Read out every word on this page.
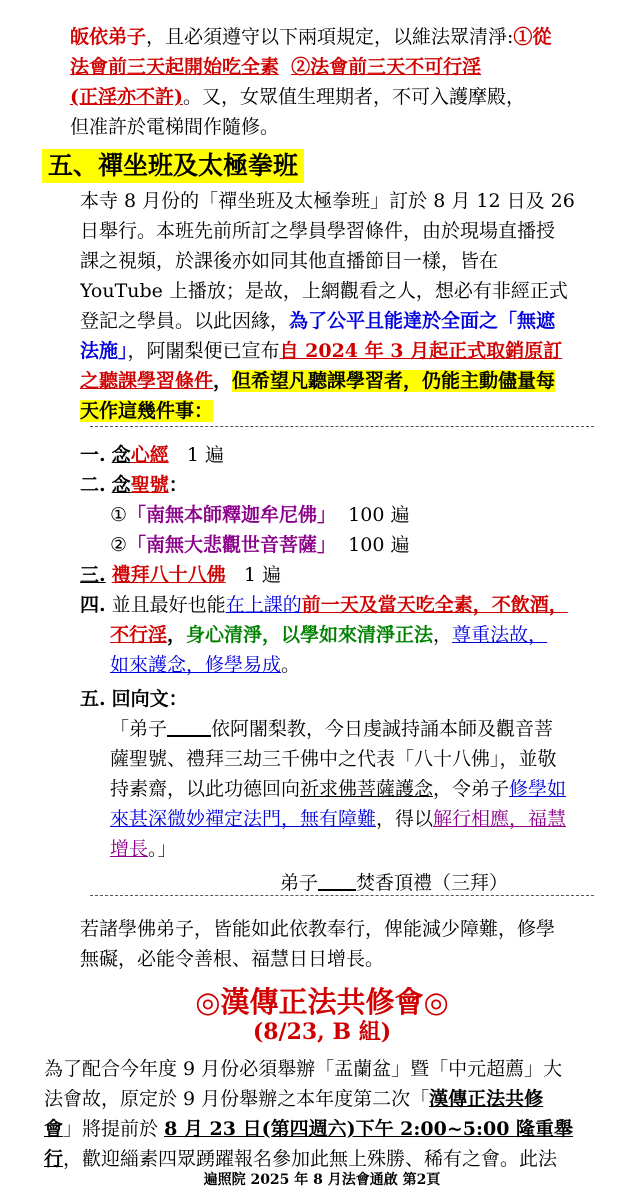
皈依弟子，且必須遵守以下兩項規定，以維法眾清淨:①從
法會前三天起開始吃全素 ②法會前三天不可行淫
(正淫亦不許)。又，女眾值生理期者，不可入護摩殿，
但准許於電梯間作隨修。
五、禪坐班及太極拳班
本寺 8 月份的「禪坐班及太極拳班」訂於 8 月 12 日及 26
日舉行。本班先前所訂之學員學習條件，由於現場直播授
課之視頻，於課後亦如同其他直播節目一樣，皆在
YouTube 上播放；是故，上網觀看之人，想必有非經正式
登記之學員。以此因緣，為了公平且能達於全面之「無遮
法施」，阿闍梨便已宣布自 2024 年 3 月起正式取銷原訂
之聽課學習條件，但希望凡聽課學習者，仍能主動儘量每
天作這幾件事：
一. 念心經 1 遍
二. 念聖號：
①「南無本師釋迦牟尼佛」 100 遍
②「南無大悲觀世音菩薩」 100 遍
三. 禮拜八十八佛 1 遍
四. 並且最好也能在上課的前一天及當天吃全素，不飲酒，
不行淫，身心清淨，以學如來清淨正法，尊重法故，
如來護念，修學易成。
五. 回向文：
「弟子 依阿闍梨教，今日虔誠持誦本師及觀音菩
薩聖號、禮拜三劫三千佛中之代表「八十八佛」，並敬
持素齋，以此功德回向祈求佛菩薩護念，令弟子修學如
來甚深微妙禪定法門，無有障難，得以解行相應，福慧
增長。」
弟子 焚香頂禮（三拜）
若諸學佛弟子，皆能如此依教奉行，俾能減少障難，修學
無礙，必能令善根、福慧日日增長。
◎漢傳正法共修會◎
(8/23, B 組)
為了配合今年度 9 月份必須舉辦「盂蘭盆」暨「中元超薦」大
法會故，原定於 9 月份舉辦之本年度第二次「漢傳正法共修
會」將提前於 8 月 23 日(第四週六)下午 2:00~5:00 隆重舉
行，歡迎緇素四眾踴躍報名參加此無上殊勝、稀有之會。此法
遍照院 2025 年 8 月法會通啟 第2頁
